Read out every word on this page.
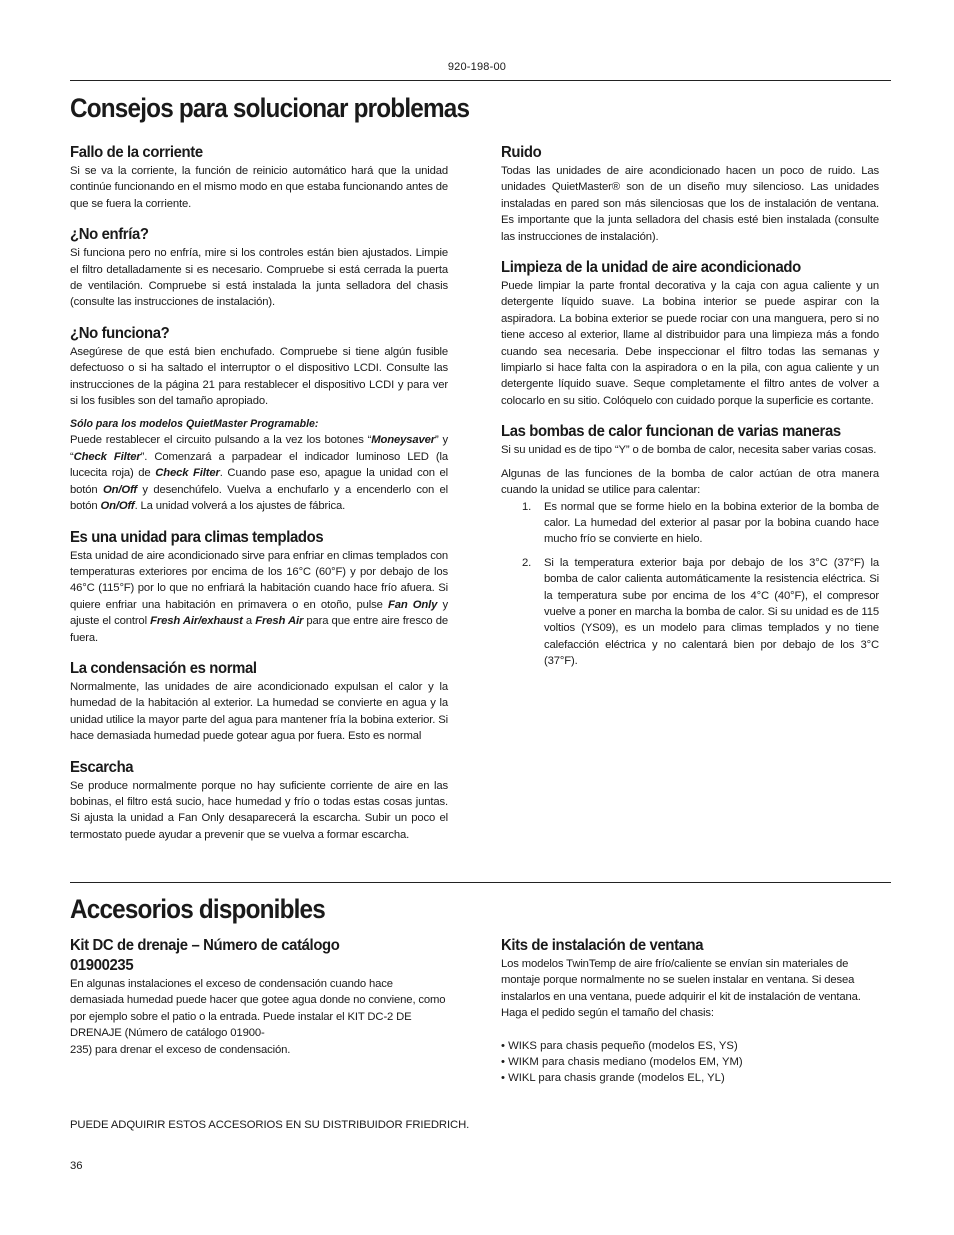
920-198-00
Consejos para solucionar problemas
Fallo de la corriente

Si se va la corriente, la función de reinicio automático hará que la unidad continúe funcionando en el mismo modo en que estaba funcionando antes de que se fuera la corriente.

¿No enfría?

Si funciona pero no enfría, mire si los controles están bien ajustados. Limpie el filtro detalladamente si es necesario. Compruebe si está cerrada la puerta de ventilación. Compruebe si está instalada la junta selladora del chasis (consulte las instrucciones de instalación).

¿No funciona?

Asegúrese de que está bien enchufado. Compruebe si tiene algún fusible defectuoso o si ha saltado el interruptor o el dispositivo LCDI. Consulte las instrucciones de la página 21 para restablecer el dispositivo LCDI y para ver si los fusibles son del tamaño apropiado.

Sólo para los modelos QuietMaster Programable:

Puede restablecer el circuito pulsando a la vez los botones “Moneysaver” y “Check Filter”. Comenzará a parpadear el indicador luminoso LED (la lucecita roja) de Check Filter. Cuando pase eso, apague la unidad con el botón On/Off y desenchúfelo. Vuelva a enchufarlo y a encenderlo con el botón On/Off. La unidad volverá a los ajustes de fábrica.

Es una unidad para climas templados

Esta unidad de aire acondicionado sirve para enfriar en climas templados con temperaturas exteriores por encima de los 16°C (60°F) y por debajo de los 46°C (115°F) por lo que no enfriará la habitación cuando hace frío afuera. Si quiere enfriar una habitación en primavera o en otoño, pulse Fan Only y ajuste el control Fresh Air/exhaust a Fresh Air para que entre aire fresco de fuera.

La condensación es normal

Normalmente, las unidades de aire acondicionado expulsan el calor y la humedad de la habitación al exterior. La humedad se convierte en agua y la unidad utilice la mayor parte del agua para mantener fría la bobina exterior. Si hace demasiada humedad puede gotear agua por fuera. Esto es normal

Escarcha

Se produce normalmente porque no hay suficiente corriente de aire en las bobinas, el filtro está sucio, hace humedad y frío o todas estas cosas juntas. Si ajusta la unidad a Fan Only desaparecerá la escarcha. Subir un poco el termostato puede ayudar a prevenir que se vuelva a formar escarcha.

Ruido

Todas las unidades de aire acondicionado hacen un poco de ruido. Las unidades QuietMaster® son de un diseño muy silencioso. Las unidades instaladas en pared son más silenciosas que los de instalación de ventana. Es importante que la junta selladora del chasis esté bien instalada (consulte las instrucciones de instalación).

Limpieza de la unidad de aire acondicionado

Puede limpiar la parte frontal decorativa y la caja con agua caliente y un detergente líquido suave. La bobina interior se puede aspirar con la aspiradora. La bobina exterior se puede rociar con una manguera, pero si no tiene acceso al exterior, llame al distribuidor para una limpieza más a fondo cuando sea necesaria. Debe inspeccionar el filtro todas las semanas y limpiarlo si hace falta con la aspiradora o en la pila, con agua caliente y un detergente líquido suave. Seque completamente el filtro antes de volver a colocarlo en su sitio. Colóquelo con cuidado porque la superficie es cortante.

Las bombas de calor funcionan de varias maneras

Si su unidad es de tipo “Y” o de bomba de calor, necesita saber varias cosas.

Algunas de las funciones de la bomba de calor actúan de otra manera cuando la unidad se utilice para calentar:

1. Es normal que se forme hielo en la bobina exterior de la bomba de calor. La humedad del exterior al pasar por la bobina cuando hace mucho frío se convierte en hielo.
2. Si la temperatura exterior baja por debajo de los 3°C (37°F) la bomba de calor calienta automáticamente la resistencia eléctrica. Si la temperatura sube por encima de los 4°C (40°F), el compresor vuelve a poner en marcha la bomba de calor. Si su unidad es de 115 voltios (YS09), es un modelo para climas templados y no tiene calefacción eléctrica y no calentará bien por debajo de los 3°C (37°F).
Accesorios disponibles
Kit DC de drenaje – Número de catálogo
01900235

En algunas instalaciones el exceso de condensación cuando hace demasiada humedad puede hacer que gotee agua donde no conviene, como por ejemplo sobre el patio o la entrada. Puede instalar el KIT DC-2 DE DRENAJE (Número de catálogo 01900-
235) para drenar el exceso de condensación.

Kits de instalación de ventana

Los modelos TwinTemp de aire frío/caliente se envían sin materiales de montaje porque normalmente no se suelen instalar en ventana. Si desea instalarlos en una ventana, puede adquirir el kit de instalación de ventana. Haga el pedido según el tamaño del chasis:

• WIKS para chasis pequeño (modelos ES, YS)
• WIKM para chasis mediano (modelos EM, YM)
• WIKL para chasis grande (modelos EL, YL)
PUEDE ADQUIRIR ESTOS ACCESORIOS EN SU DISTRIBUIDOR FRIEDRICH.
36
